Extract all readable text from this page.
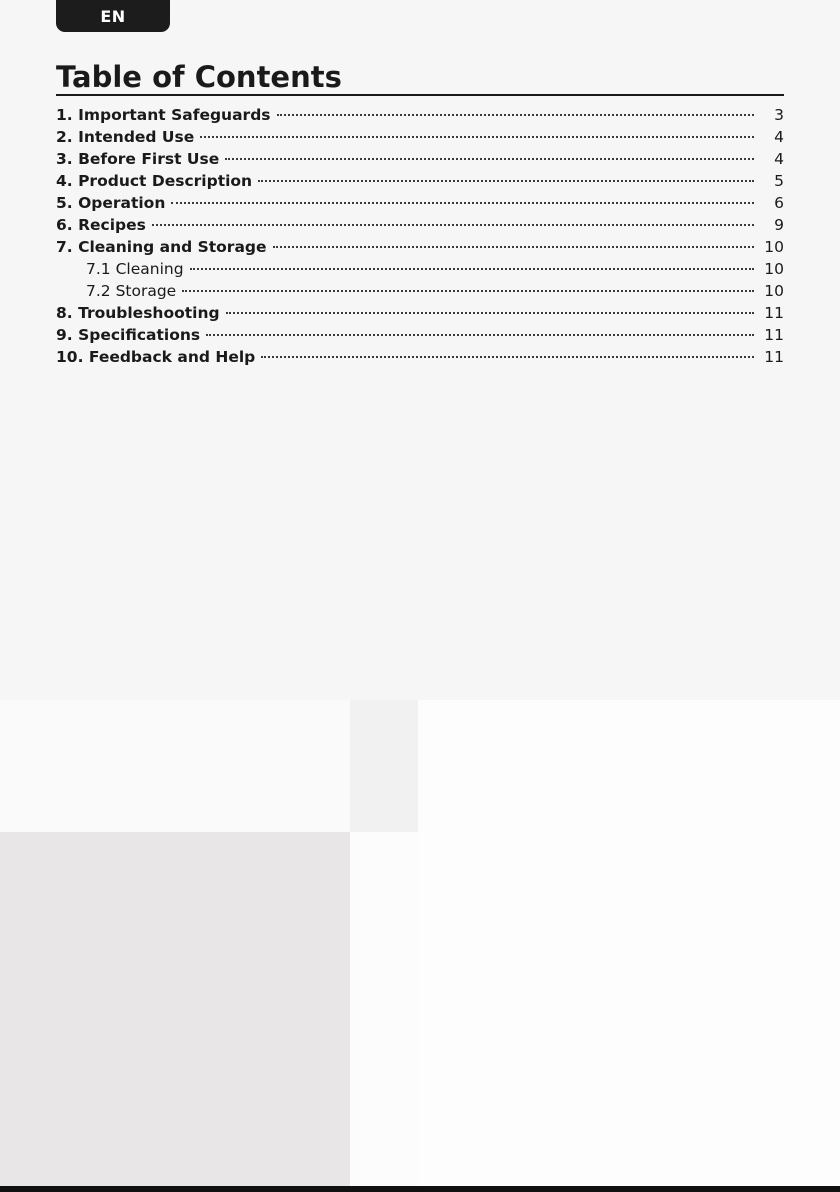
EN
Table of Contents
1. Important Safeguards	3
2. Intended Use	4
3. Before First Use	4
4. Product Description	5
5. Operation	6
6. Recipes	9
7. Cleaning and Storage	10
7.1 Cleaning	10
7.2 Storage	10
8. Troubleshooting	11
9. Specifications	11
10. Feedback and Help	11
